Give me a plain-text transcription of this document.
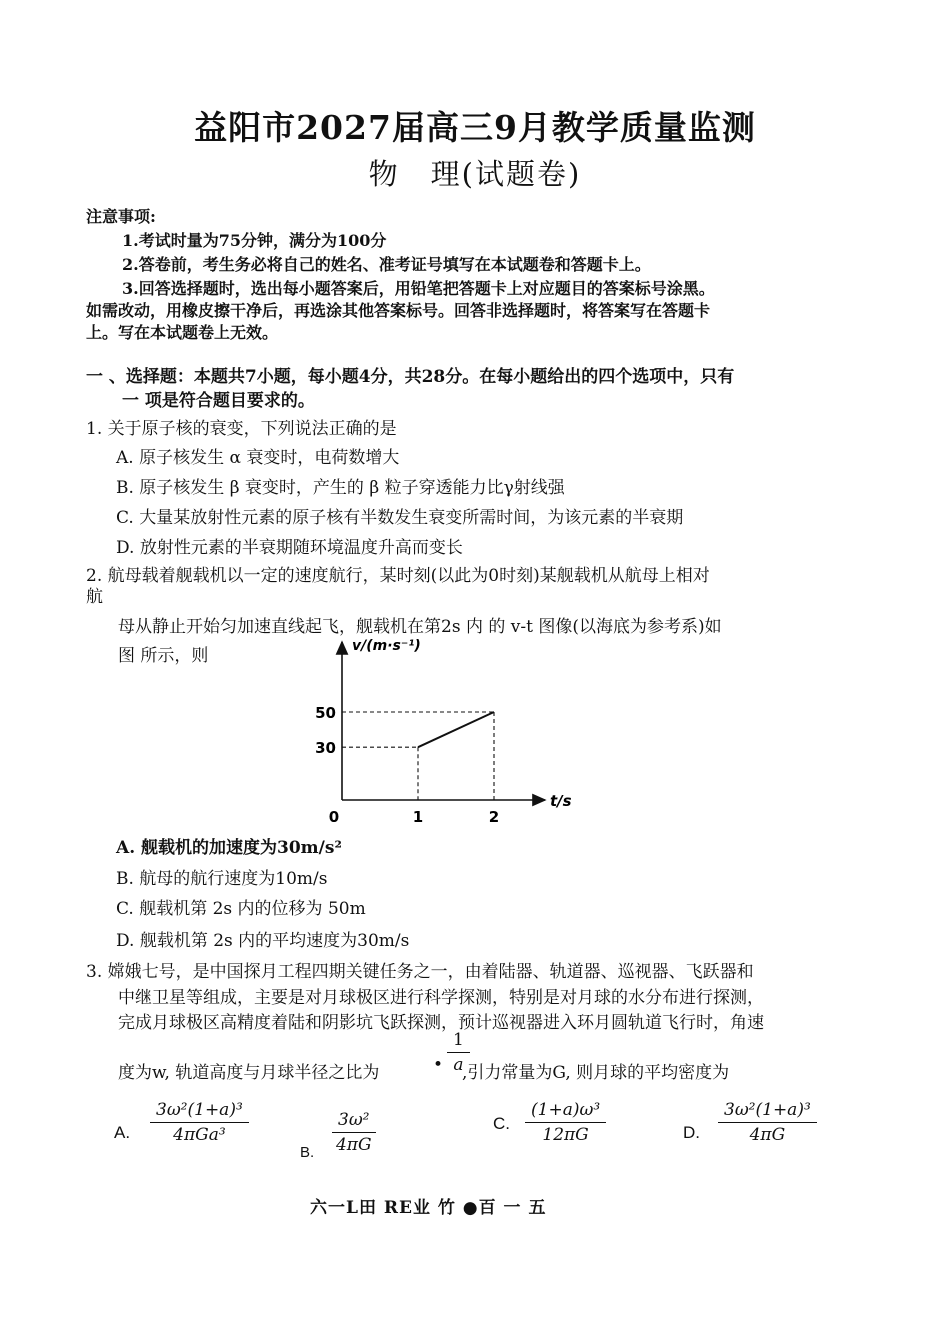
益阳市2027届高三9月教学质量监测
物　理(试题卷)
注意事项:
1.考试时量为75分钟，满分为100分
2.答卷前，考生务必将自己的姓名、准考证号填写在本试题卷和答题卡上。
3.回答选择题时，选出每小题答案后，用铅笔把答题卡上对应题目的答案标号涂黑。
如需改动，用橡皮擦干净后，再选涂其他答案标号。回答非选择题时，将答案写在答题卡
上。写在本试题卷上无效。
一 、选择题：本题共7小题，每小题4分，共28分。在每小题给出的四个选项中，只有
一 项是符合题目要求的。
1. 关于原子核的衰变，下列说法正确的是
A. 原子核发生 α 衰变时，电荷数增大
B. 原子核发生 β 衰变时，产生的 β 粒子穿透能力比γ射线强
C. 大量某放射性元素的原子核有半数发生衰变所需时间，为该元素的半衰期
D. 放射性元素的半衰期随环境温度升高而变长
2. 航母载着舰载机以一定的速度航行，某时刻(以此为0时刻)某舰载机从航母上相对
航
母从静止开始匀加速直线起飞，舰载机在第2s 内 的 v-t 图像(以海底为参考系)如
图 所示，则
1	2
30
50
v/(m·s⁻¹)
t/s
0
A. 舰载机的加速度为30m/s²
B. 航母的航行速度为10m/s
C. 舰载机第 2s 内的位移为 50m
D. 舰载机第 2s 内的平均速度为30m/s
3. 嫦娥七号，是中国探月工程四期关键任务之一，由着陆器、轨道器、巡视器、飞跃器和
中继卫星等组成，主要是对月球极区进行科学探测，特别是对月球的水分布进行探测，
完成月球极区高精度着陆和阴影坑飞跃探测，预计巡视器进入环月圆轨道飞行时，角速
度为w, 轨道高度与月球半径之比为	• $\frac{1}{a}$
,引力常量为G, 则月球的平均密度为
A. $\frac{\text{3ω²(1+a)³}}{\text{4πGa³}}$
B. $\frac{\text{3ω²}}{4\pi G}$	C. $\frac{\text{(1+a)ω³}}{12\pi G}$	D. $\frac{\text{3ω²(1+a)³}}{4\pi G}$
六一L田 RE业 竹 ●百 一 五
